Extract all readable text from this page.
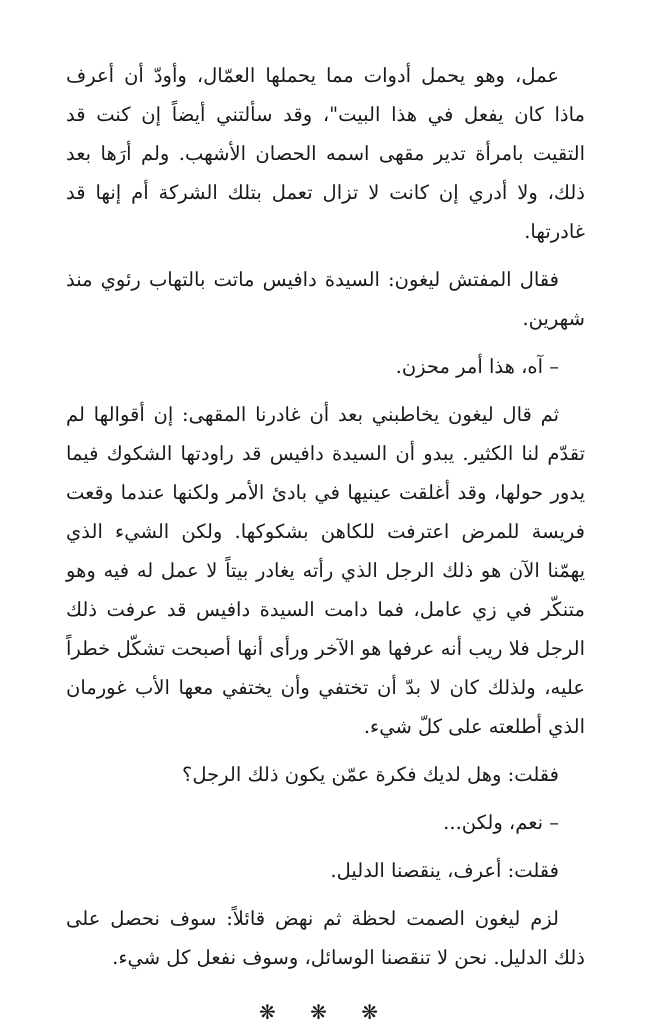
عمل، وهو يحمل أدوات مما يحملها العمّال، وأودّ أن أعرف ماذا كان يفعل في هذا البيت"، وقد سألتني أيضاً إن كنت قد التقيت بامرأة تدير مقهى اسمه الحصان الأشهب. ولم أرَها بعد ذلك، ولا أدري إن كانت لا تزال تعمل بتلك الشركة أم إنها قد غادرتها.

فقال المفتش ليغون: السيدة دافيس ماتت بالتهاب رئوي منذ شهرين.

– آه، هذا أمر محزن.

ثم قال ليغون يخاطبني بعد أن غادرنا المقهى: إن أقوالها لم تقدّم لنا الكثير. يبدو أن السيدة دافيس قد راودتها الشكوك فيما يدور حولها، وقد أغلقت عينيها في بادئ الأمر ولكنها عندما وقعت فريسة للمرض اعترفت للكاهن بشكوكها. ولكن الشيء الذي يهمّنا الآن هو ذلك الرجل الذي رأته يغادر بيتاً لا عمل له فيه وهو متنكّر في زي عامل، فما دامت السيدة دافيس قد عرفت ذلك الرجل فلا ريب أنه عرفها هو الآخر ورأى أنها أصبحت تشكّل خطراً عليه، ولذلك كان لا بدّ أن تختفي وأن يختفي معها الأب غورمان الذي أطلعته على كلّ شيء.

فقلت: وهل لديك فكرة عمّن يكون ذلك الرجل؟

– نعم، ولكن...

فقلت: أعرف، ينقصنا الدليل.

لزم ليغون الصمت لحظة ثم نهض قائلاً: سوف نحصل على ذلك الدليل. نحن لا تنقصنا الوسائل، وسوف نفعل كل شيء.

❋ ❋ ❋
